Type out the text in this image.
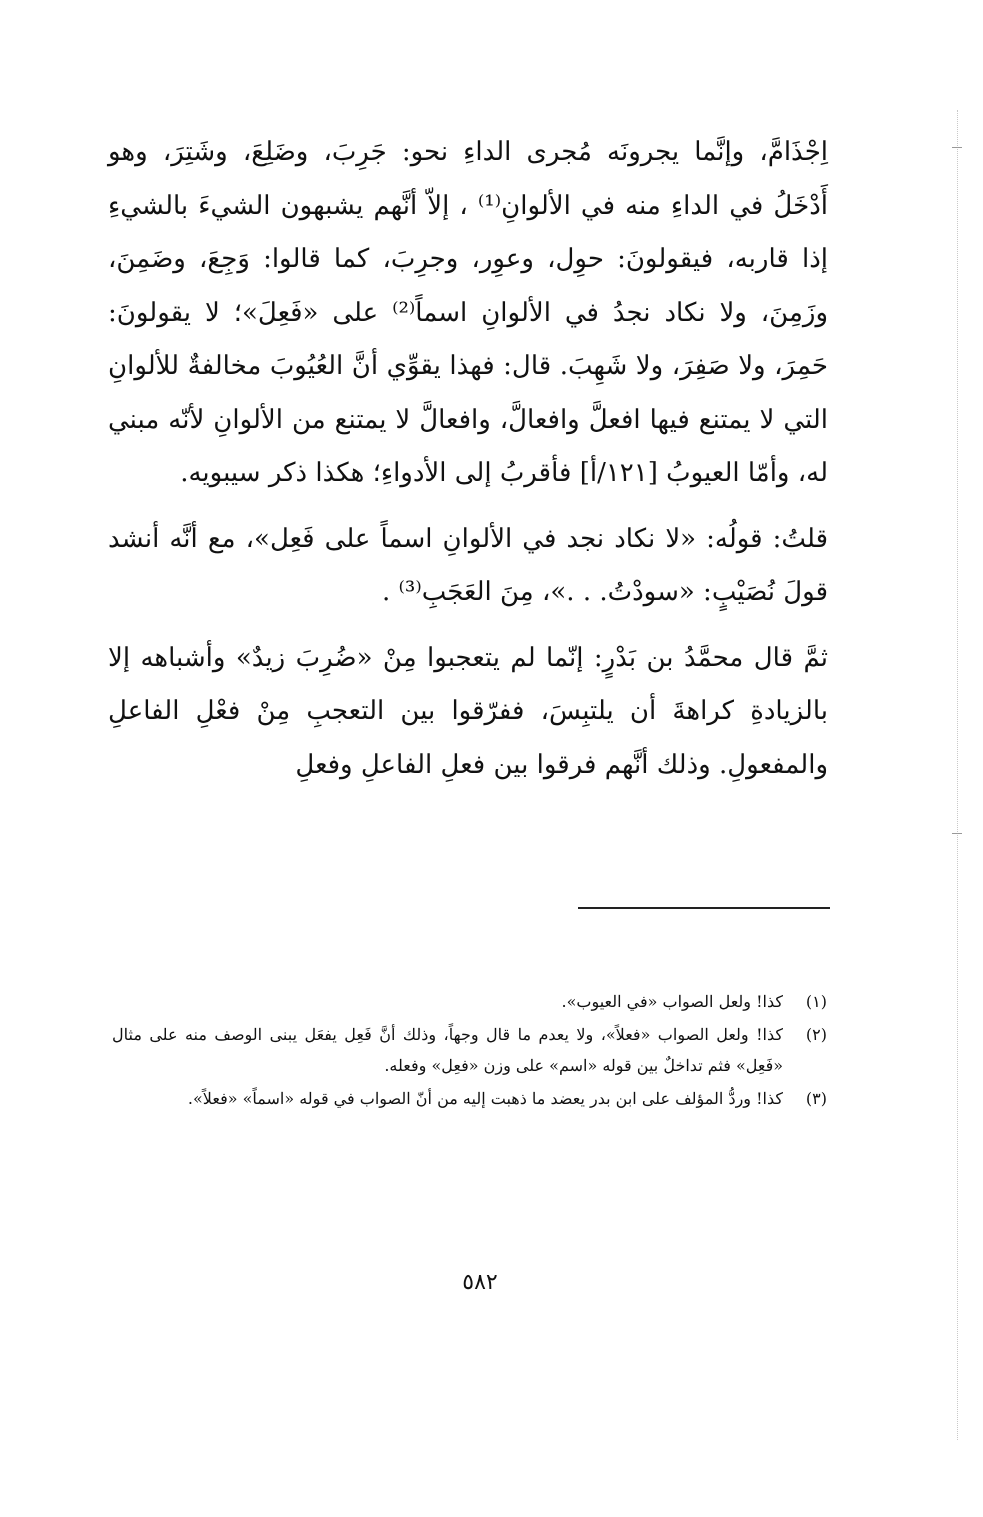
اِجْذَامَّ، وإنَّما يجرونَه مُجرى الداءِ نحو: جَرِبَ، وضَلِعَ، وشَتِرَ، وهو أَدْخَلُ في الداءِ منه في الألوانِ⁽¹⁾ ، إلاّ أنَّهم يشبهون الشيءَ بالشيءِ إذا قاربه، فيقولونَ: حوِل، وعوِر، وجرِبَ، كما قالوا: وَجِعَ، وضَمِنَ، وزَمِنَ، ولا نكاد نجدُ في الألوانِ اسماً⁽²⁾ على «فَعِلَ»؛ لا يقولونَ: حَمِرَ، ولا صَفِرَ، ولا شَهِبَ. قال: فهذا يقوِّي أنَّ العُيُوبَ مخالفةٌ للألوانِ التي لا يمتنع فيها افعلَّ وافعالَّ، وافعالَّ لا يمتنع من الألوانِ لأنّه مبني له، وأمّا العيوبُ [١٢١/أ] فأقربُ إلى الأدواءِ؛ هكذا ذكر سيبويه.

قلتُ: قولُه: «لا نكاد نجد في الألوانِ اسماً على فَعِل»، مع أنَّه أنشد قولَ نُصَيْبٍ: «سودْتُ. . .»، مِنَ العَجَبِ⁽³⁾ .

ثمَّ قال محمَّدُ بن بَدْرٍ: إنّما لم يتعجبوا مِنْ «ضُرِبَ زيدٌ» وأشباهه إلا بالزيادةِ كراهةَ أن يلتبِسَ، ففرّقوا بين التعجبِ مِنْ فعْلِ الفاعلِ والمفعولِ. وذلك أنَّهم فرقوا بين فعلِ الفاعلِ وفعلِ

(١)
كذا! ولعل الصواب «في العيوب».
(٢)
كذا! ولعل الصواب «فعلاً»، ولا يعدم ما قال وجهاً، وذلك أنَّ فَعِل يفعَل يبنى الوصف منه على مثال «فَعِل» فثم تداخلٌ بين قوله «اسم» على وزن «فعِل» وفعله.
(٣)
كذا! وردُّ المؤلف على ابن بدر يعضد ما ذهبت إليه من أنّ الصواب في قوله «اسماً» «فعلاً».
٥٨٢
